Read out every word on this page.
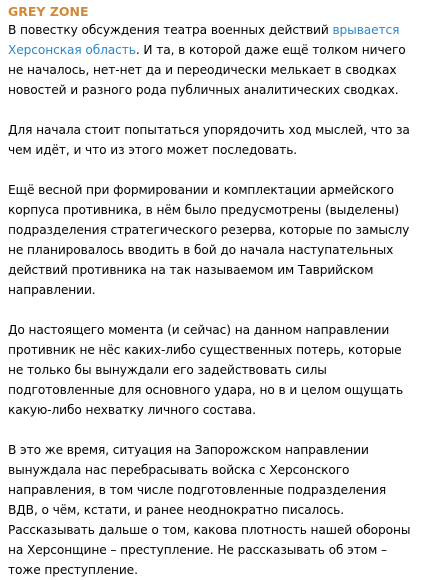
GREY ZONE

В повестку обсуждения театра военных действий врывается Херсонская область. И та, в которой даже ещё толком ничего не началось, нет-нет да и переодически мелькает в сводках новостей и разного рода публичных аналитических сводках.

Для начала стоит попытаться упорядочить ход мыслей, что за чем идёт, и что из этого может последовать.

Ещё весной при формировании и комплектации армейского корпуса противника, в нём было предусмотрены (выделены) подразделения стратегического резерва, которые по замыслу не планировалось вводить в бой до начала наступательных действий противника на так называемом им Таврийском направлении.

До настоящего момента (и сейчас) на данном направлении противник не нёс каких-либо существенных потерь, которые не только бы вынуждали его задействовать силы подготовленные для основного удара, но в и целом ощущать какую-либо нехватку личного состава.

В это же время, ситуация на Запорожском направлении вынуждала нас перебрасывать войска с Херсонского направления, в том числе подготовленные подразделения ВДВ, о чём, кстати, и ранее неоднократно писалось. Рассказывать дальше о том, какова плотность нашей обороны на Херсонщине – преступление. Не рассказывать об этом – тоже преступление.
